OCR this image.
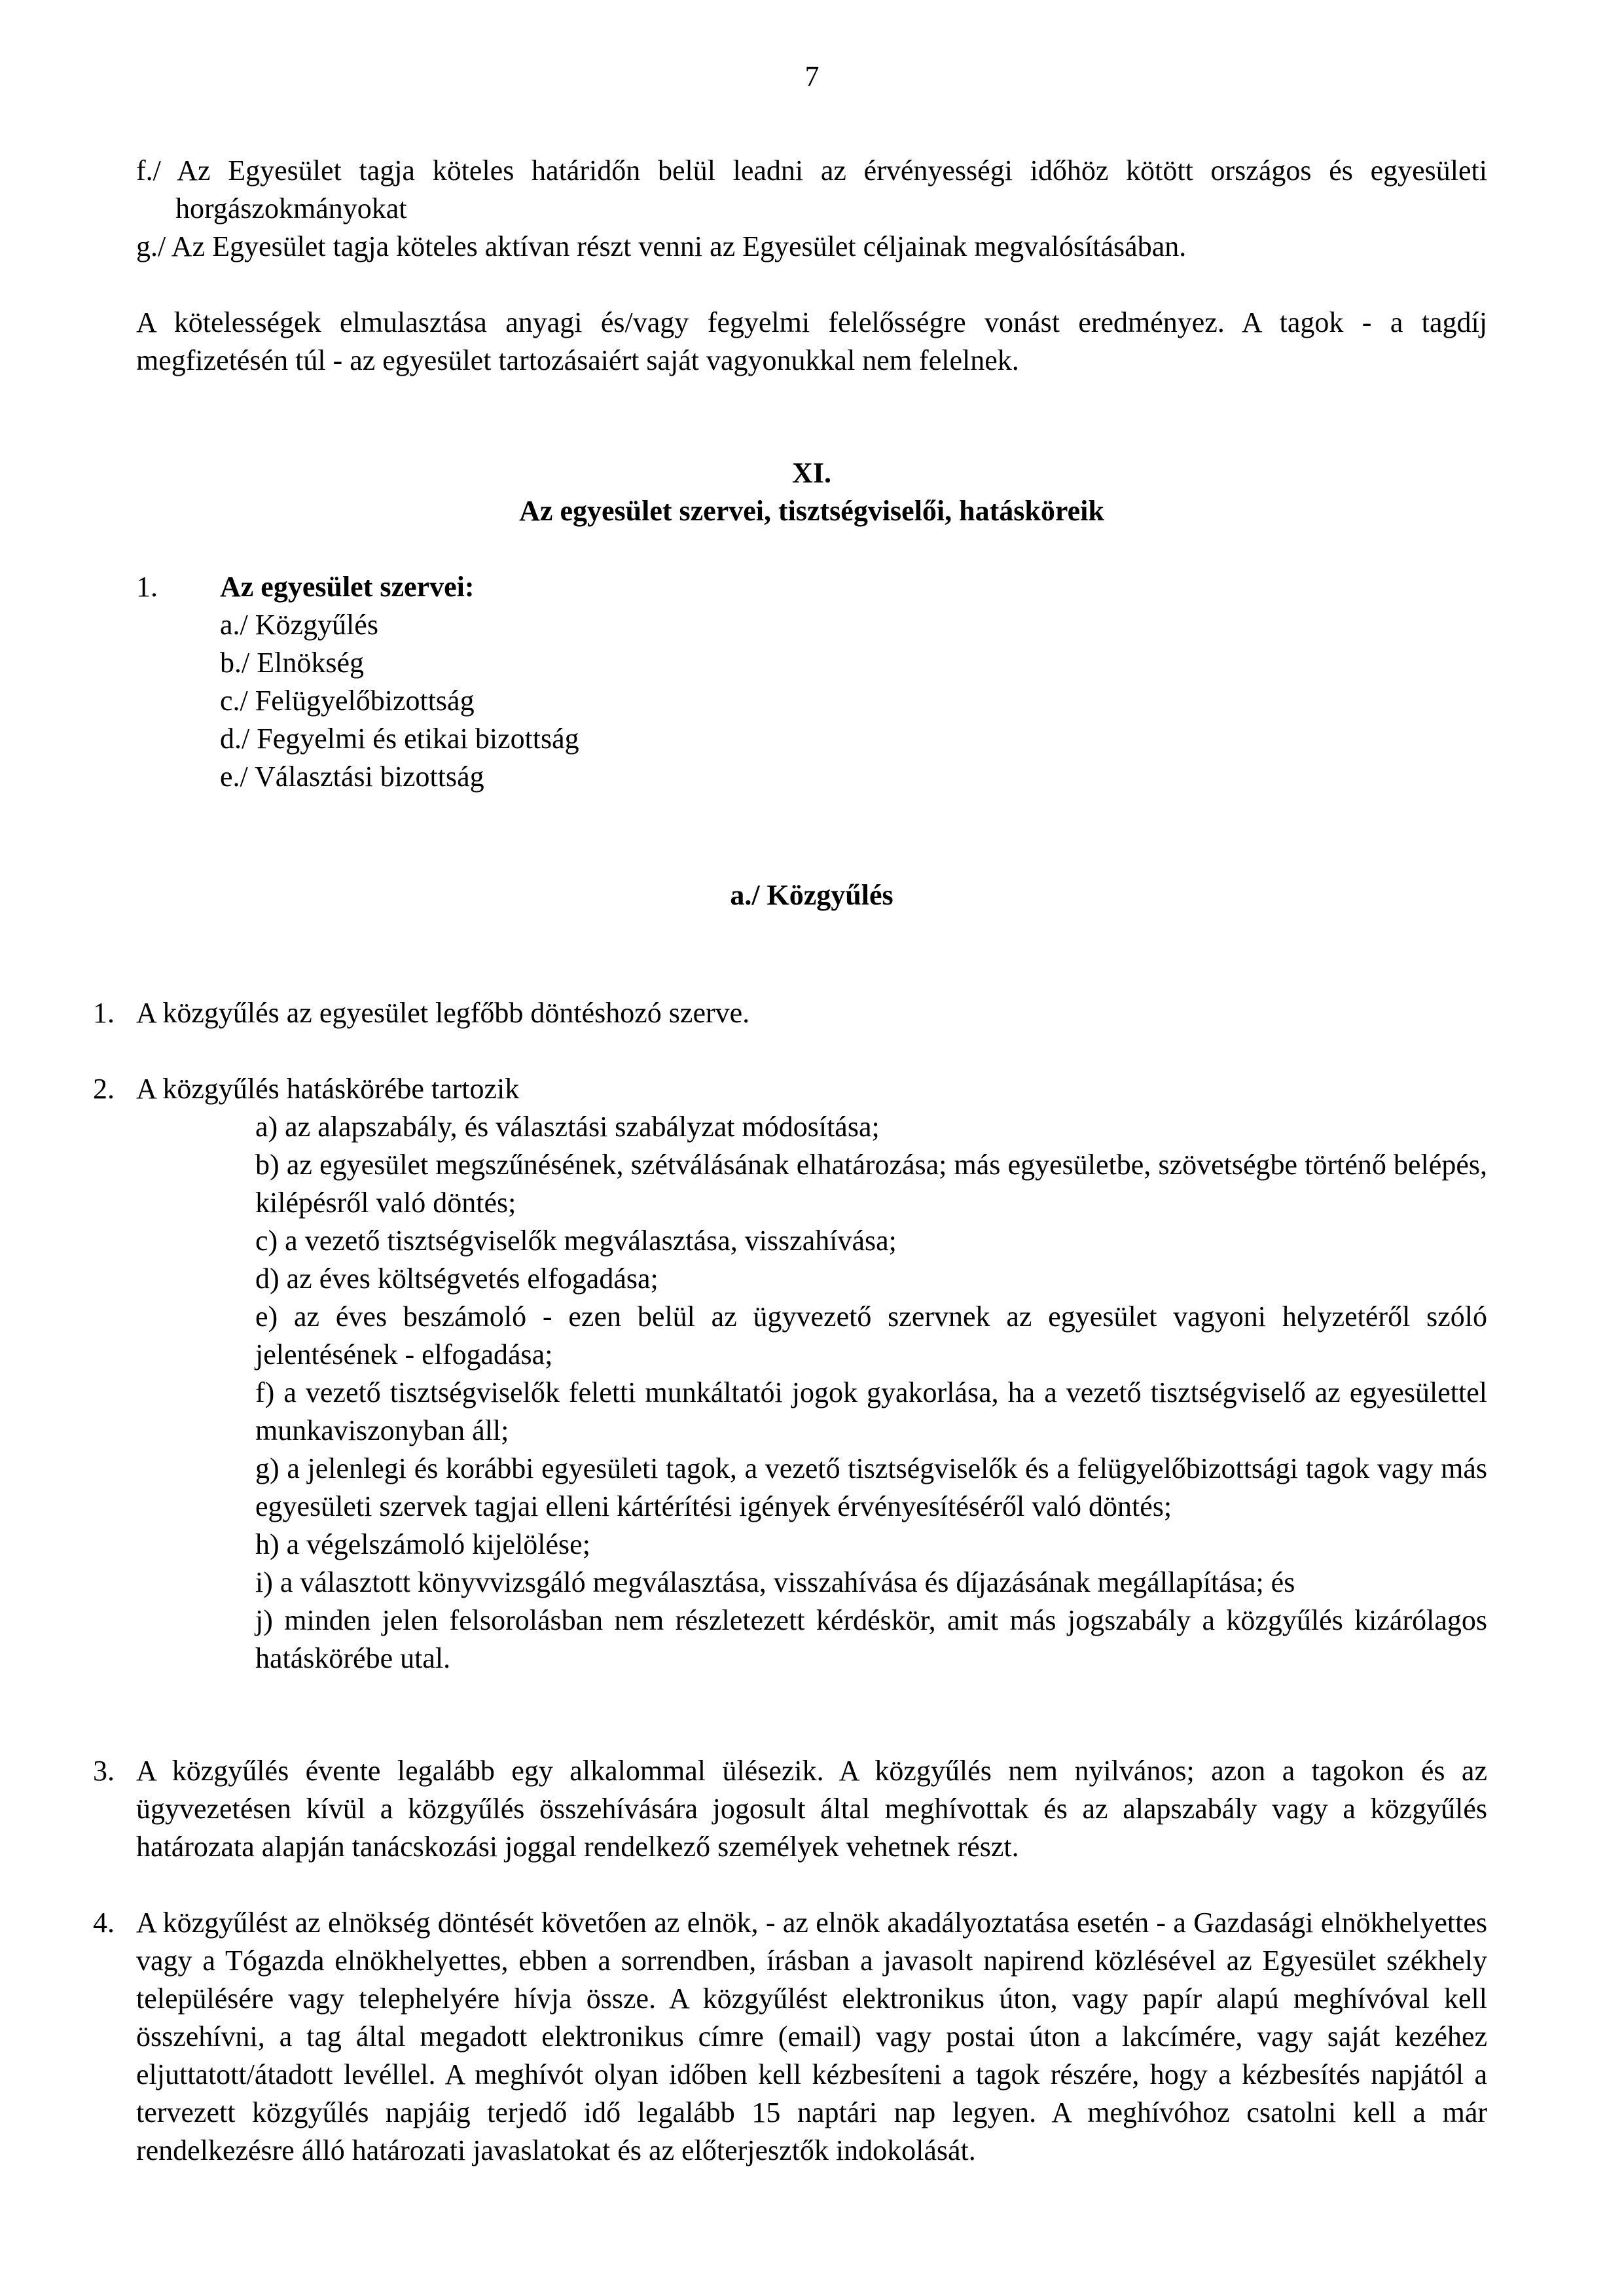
7

f./ Az Egyesület tagja köteles határidőn belül leadni az érvényességi időhöz kötött országos és egyesületi horgászokmányokat

g./ Az Egyesület tagja köteles aktívan részt venni az Egyesület céljainak megvalósításában.

A kötelességek elmulasztása anyagi és/vagy fegyelmi felelősségre vonást eredményez. A tagok - a tagdíj megfizetésén túl - az egyesület tartozásaiért saját vagyonukkal nem felelnek.

XI.

Az egyesület szervei, tisztségviselői, hatásköreik

1. Az egyesület szervei:

a./ Közgyűlés

b./ Elnökség

c./ Felügyelőbizottság

d./ Fegyelmi és etikai bizottság

e./ Választási bizottság

a./ Közgyűlés

1. A közgyűlés az egyesület legfőbb döntéshozó szerve.

2. A közgyűlés hatáskörébe tartozik

a) az alapszabály, és választási szabályzat módosítása;

b) az egyesület megszűnésének, szétválásának elhatározása; más egyesületbe, szövetségbe történő belépés, kilépésről való döntés;

c) a vezető tisztségviselők megválasztása, visszahívása;

d) az éves költségvetés elfogadása;

e) az éves beszámoló - ezen belül az ügyvezető szervnek az egyesület vagyoni helyzetéről szóló jelentésének - elfogadása;

f) a vezető tisztségviselők feletti munkáltatói jogok gyakorlása, ha a vezető tisztségviselő az egyesülettel munkaviszonyban áll;

g) a jelenlegi és korábbi egyesületi tagok, a vezető tisztségviselők és a felügyelőbizottsági tagok vagy más egyesületi szervek tagjai elleni kártérítési igények érvényesítéséről való döntés;

h) a végelszámoló kijelölése;

i) a választott könyvvizsgáló megválasztása, visszahívása és díjazásának megállapítása; és

j) minden jelen felsorolásban nem részletezett kérdéskör, amit más jogszabály a közgyűlés kizárólagos hatáskörébe utal.

3. A közgyűlés évente legalább egy alkalommal ülésezik. A közgyűlés nem nyilvános; azon a tagokon és az ügyvezetésen kívül a közgyűlés összehívására jogosult által meghívottak és az alapszabály vagy a közgyűlés határozata alapján tanácskozási joggal rendelkező személyek vehetnek részt.

4. A közgyűlést az elnökség döntését követően az elnök, - az elnök akadályoztatása esetén - a Gazdasági elnökhelyettes vagy a Tógazda elnökhelyettes, ebben a sorrendben, írásban a javasolt napirend közlésével az Egyesület székhely településére vagy telephelyére hívja össze. A közgyűlést elektronikus úton, vagy papír alapú meghívóval kell összehívni, a tag által megadott elektronikus címre (email) vagy postai úton a lakcímére, vagy saját kezéhez eljuttatott/átadott levéllel. A meghívót olyan időben kell kézbesíteni a tagok részére, hogy a kézbesítés napjától a tervezett közgyűlés napjáig terjedő idő legalább 15 naptári nap legyen. A meghívóhoz csatolni kell a már rendelkezésre álló határozati javaslatokat és az előterjesztők indokolását.
